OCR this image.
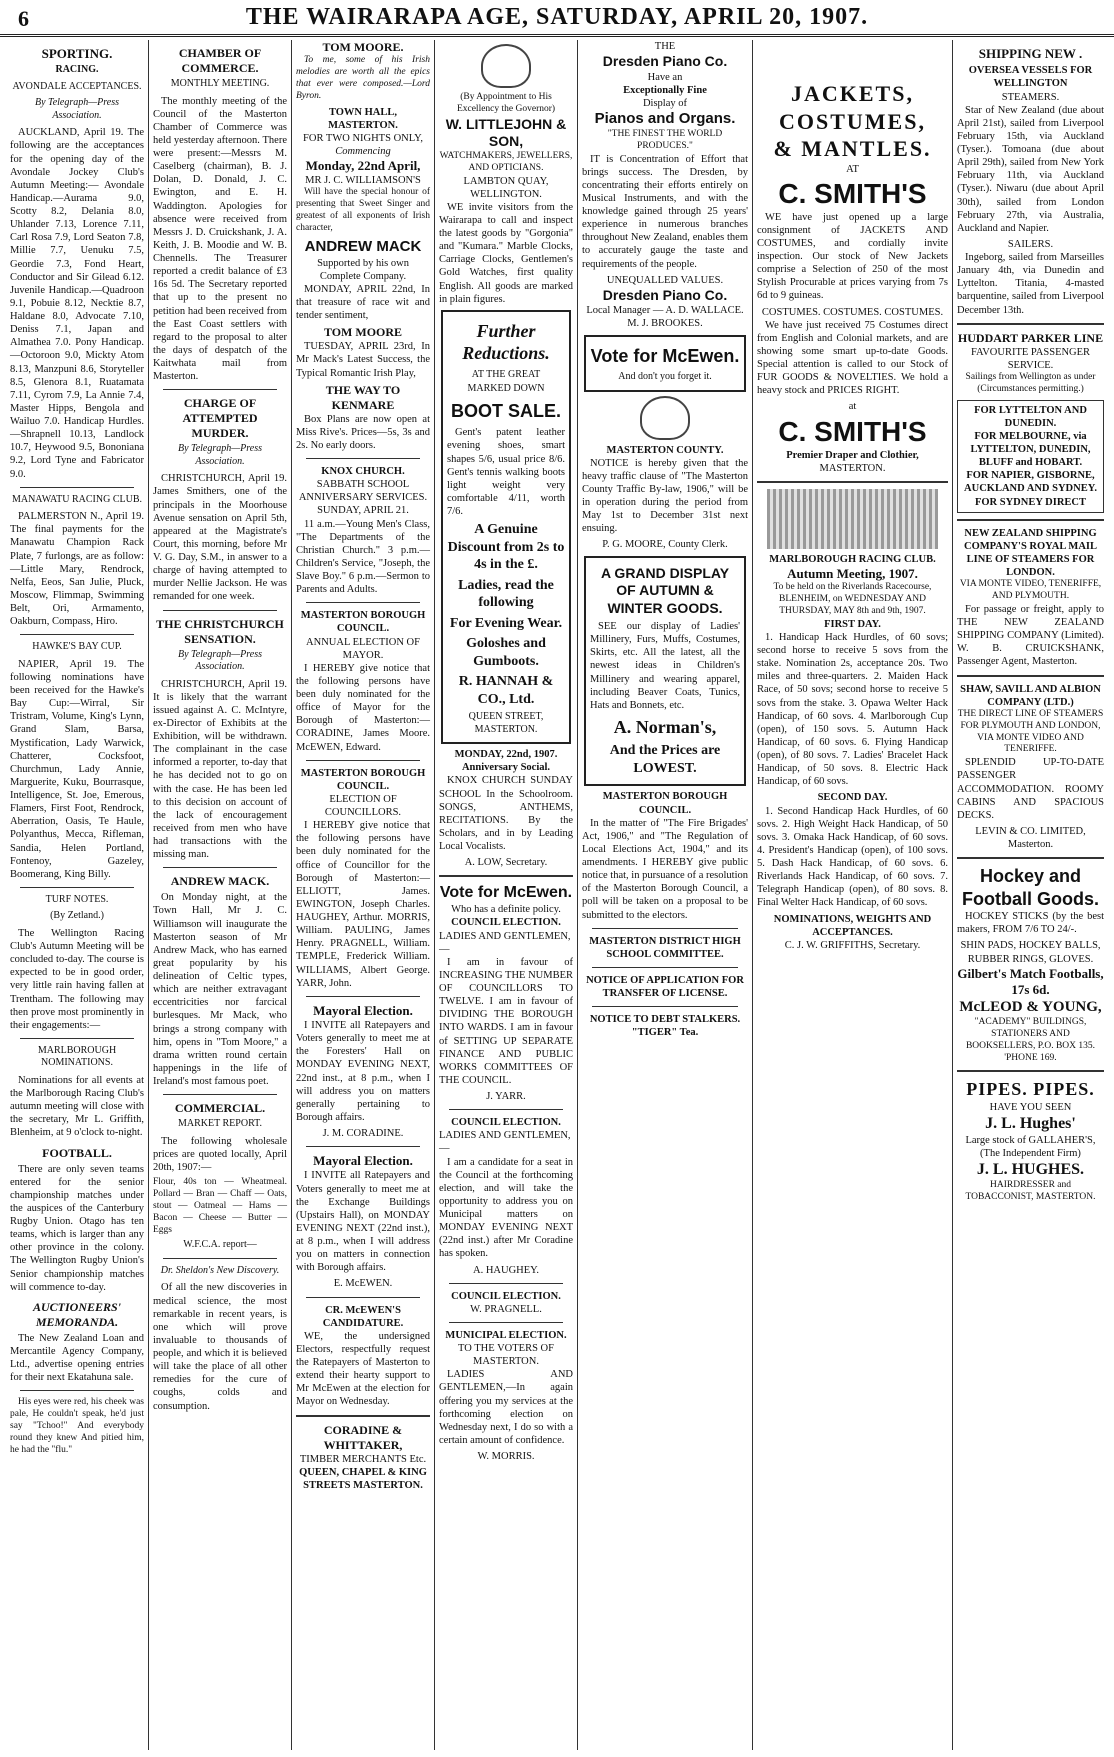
6	THE WAIRARAPA AGE, SATURDAY, APRIL 20, 1907.
SPORTING.
RACING.
AVONDALE ACCEPTANCES.
By Telegraph—Press Association.

AUCKLAND, April 19. The following are the acceptances for the opening day of the Avondale Jockey Club's Autumn Meeting:— Avondale Handicap.—Aurama 9.0, Scotty 8.2, Delania 8.0, Uhlander 7.13, Lorence 7.11, Carl Rosa 7.9, Lord Seaton 7.8, Millie 7.7, Uenuku 7.5, Geordie 7.3, Fond Heart, Conductor and Sir Gilead 6.12. Juvenile Handicap.—Quadroon 9.1, Pobuie 8.12, Necktie 8.7, Haldane 8.0, Advocate 7.10, Deniss 7.1, Japan and Almathea 7.0. Pony Handicap.—Octoroon 9.0, Mickty Atom 8.13, Manzpuni 8.6, Storyteller 8.5, Glenora 8.1, Ruatamata 7.11, Cyrom 7.9, La Annie 7.4, Master Hipps, Bengola and Wailuo 7.0. Handicap Hurdles.—Shrapnell 10.13, Landlock 10.7, Heywood 9.5, Bononiana 9.2, Lord Tyne and Fabricator 9.0.

MANAWATU RACING CLUB.

PALMERSTON N., April 19. The final payments for the Manawatu Champion Rack Plate, 7 furlongs, are as follow:—Little Mary, Rendrock, Nelfa, Eeos, San Julie, Pluck, Moscow, Flimmap, Swimming Belt, Ori, Armamento, Oakburn, Compass, Hiro.

HAWKE'S BAY CUP.

NAPIER, April 19. The following nominations have been received for the Hawke's Bay Cup:—Wirral, Sir Tristram, Volume, King's Lynn, Grand Slam, Barsa, Mystification, Lady Warwick, Chatterer, Cocksfoot, Churchmun, Lady Annie, Marguerite, Kuku, Bourrasque, Intelligence, St. Joe, Emerous, Flamers, First Foot, Rendrock, Aberration, Oasis, Te Haule, Polyanthus, Mecca, Rifleman, Sandia, Helen Portland, Fontenoy, Gazeley, Boomerang, King Billy.

TURF NOTES.
(By Zetland.)

The Wellington Racing Club's Autumn Meeting will be concluded to-day. The course is expected to be in good order, very little rain having fallen at Trentham. The following may then prove most prominently in their engagements:—

MARLBOROUGH NOMINATIONS.

Nominations for all events at the Marlborough Racing Club's autumn meeting will close with the secretary, Mr L. Griffith, Blenheim, at 9 o'clock to-night.

FOOTBALL.

There are only seven teams entered for the senior championship matches under the auspices of the Canterbury Rugby Union. Otago has ten teams, which is larger than any other province in the colony. The Wellington Rugby Union's Senior championship matches will commence to-day.

AUCTIONEERS' MEMORANDA.

The New Zealand Loan and Mercantile Agency Company, Ltd., advertise opening entries for their next Ekatahuna sale.

His eyes were red, his cheek was pale, He couldn't speak, he'd just say "Tchoo!" And everybody round they knew And pitied him, he had the "flu."

CHAMBER OF COMMERCE.
MONTHLY MEETING.

The monthly meeting of the Council of the Masterton Chamber of Commerce was held yesterday afternoon. There were present:—Messrs M. Caselberg (chairman), B. J. Dolan, D. Donald, J. C. Ewington, and E. H. Waddington. Apologies for absence were received from Messrs J. D. Cruickshank, J. A. Keith, J. B. Moodie and W. B. Chennells. The Treasurer reported a credit balance of £3 16s 5d. The Secretary reported that up to the present no petition had been received from the East Coast settlers with regard to the proposal to alter the days of despatch of the Kaitwhata mail from Masterton.

CHARGE OF ATTEMPTED MURDER.
By Telegraph—Press Association.

CHRISTCHURCH, April 19. James Smithers, one of the principals in the Moorhouse Avenue sensation on April 5th, appeared at the Magistrate's Court, this morning, before Mr V. G. Day, S.M., in answer to a charge of having attempted to murder Nellie Jackson. He was remanded for one week.

THE CHRISTCHURCH SENSATION.
By Telegraph—Press Association.

CHRISTCHURCH, April 19. It is likely that the warrant issued against A. C. McIntyre, ex-Director of Exhibits at the Exhibition, will be withdrawn. The complainant in the case informed a reporter, to-day that he has decided not to go on with the case. He has been led to this decision on account of the lack of encouragement received from men who have had transactions with the missing man.

ANDREW MACK.

On Monday night, at the Town Hall, Mr J. C. Williamson will inaugurate the Masterton season of Mr Andrew Mack, who has earned great popularity by his delineation of Celtic types, which are neither extravagant eccentricities nor farcical burlesques. Mr Mack, who brings a strong company with him, opens in "Tom Moore," a drama written round certain happenings in the life of Ireland's most famous poet.

COMMERCIAL.
MARKET REPORT.

The following wholesale prices are quoted locally, April 20th, 1907:—

Flour, 40s ton — Wheatmeal. Pollard — Bran — Chaff — Oats, stout — Oatmeal — Hams — Bacon — Cheese — Butter — Eggs

W.F.C.A. report—
Dr. Sheldon's New Discovery.

Of all the new discoveries in medical science, the most remarkable in recent years, is one which will prove invaluable to thousands of people, and which it is believed will take the place of all other remedies for the cure of coughs, colds and consumption.

TOM MOORE.

To me, some of his Irish melodies are worth all the epics that ever were composed.—Lord Byron.

TOWN HALL, MASTERTON.
FOR TWO NIGHTS ONLY,
Commencing
Monday, 22nd April,
MR J. C. WILLIAMSON'S

Will have the special honour of presenting that Sweet Singer and greatest of all exponents of Irish character,

ANDREW MACK
Supported by his own Complete Company.

MONDAY, APRIL 22nd, In that treasure of race wit and tender sentiment,

TOM MOORE

TUESDAY, APRIL 23rd, In Mr Mack's Latest Success, the Typical Romantic Irish Play,

THE WAY TO KENMARE

Box Plans are now open at Miss Rive's. Prices—5s, 3s and 2s. No early doors.

KNOX CHURCH.
SABBATH SCHOOL ANNIVERSARY SERVICES. SUNDAY, APRIL 21.

11 a.m.—Young Men's Class, "The Departments of the Christian Church." 3 p.m.—Children's Service, "Joseph, the Slave Boy." 6 p.m.—Sermon to Parents and Adults.

MASTERTON BOROUGH COUNCIL.
ANNUAL ELECTION OF MAYOR.

I HEREBY give notice that the following persons have been duly nominated for the office of Mayor for the Borough of Masterton:— CORADINE, James Moore. McEWEN, Edward.

MASTERTON BOROUGH COUNCIL.
ELECTION OF COUNCILLORS.

I HEREBY give notice that the following persons have been duly nominated for the office of Councillor for the Borough of Masterton:— ELLIOTT, James. EWINGTON, Joseph Charles. HAUGHEY, Arthur. MORRIS, William. PAULING, James Henry. PRAGNELL, William. TEMPLE, Frederick William. WILLIAMS, Albert George. YARR, John.

Mayoral Election.

I INVITE all Ratepayers and Voters generally to meet me at the Foresters' Hall on MONDAY EVENING NEXT, 22nd inst., at 8 p.m., when I will address you on matters generally pertaining to Borough affairs.

J. M. CORADINE.
Mayoral Election.

I INVITE all Ratepayers and Voters generally to meet me at the Exchange Buildings (Upstairs Hall), on MONDAY EVENING NEXT (22nd inst.), at 8 p.m., when I will address you on matters in connection with Borough affairs.

E. McEWEN.
CR. McEWEN'S CANDIDATURE.

WE, the undersigned Electors, respectfully request the Ratepayers of Masterton to extend their hearty support to Mr McEwen at the election for Mayor on Wednesday.

CORADINE & WHITTAKER,
TIMBER MERCHANTS Etc.
QUEEN, CHAPEL & KING STREETS MASTERTON.
(By Appointment to His Excellency the Governor)
W. LITTLEJOHN & SON,
WATCHMAKERS, JEWELLERS, AND OPTICIANS.
LAMBTON QUAY, WELLINGTON.

WE invite visitors from the Wairarapa to call and inspect the latest goods by "Gorgonia" and "Kumara." Marble Clocks, Carriage Clocks, Gentlemen's Gold Watches, first quality English. All goods are marked in plain figures.

Further Reductions.
AT THE GREAT
MARKED DOWN
BOOT SALE.

Gent's patent leather evening shoes, smart shapes 5/6, usual price 8/6. Gent's tennis walking boots light weight very comfortable 4/11, worth 7/6.

A Genuine Discount from 2s to 4s in the £.
Ladies, read the following
For Evening Wear.
Goloshes and Gumboots.
R. HANNAH & CO., Ltd.
QUEEN STREET, MASTERTON.
MONDAY, 22nd, 1907. Anniversary Social.

KNOX CHURCH SUNDAY SCHOOL In the Schoolroom. SONGS, ANTHEMS, RECITATIONS. By the Scholars, and in by Leading Local Vocalists.

A. LOW, Secretary.
Vote for McEwen.
Who has a definite policy.
COUNCIL ELECTION.
LADIES AND GENTLEMEN,—

I am in favour of INCREASING THE NUMBER OF COUNCILLORS TO TWELVE. I am in favour of DIVIDING THE BOROUGH INTO WARDS. I am in favour of SETTING UP SEPARATE FINANCE AND PUBLIC WORKS COMMITTEES OF THE COUNCIL.

J. YARR.
COUNCIL ELECTION.
LADIES AND GENTLEMEN,—

I am a candidate for a seat in the Council at the forthcoming election, and will take the opportunity to address you on Municipal matters on MONDAY EVENING NEXT (22nd inst.) after Mr Coradine has spoken.

A. HAUGHEY.
COUNCIL ELECTION.
W. PRAGNELL.
MUNICIPAL ELECTION.
TO THE VOTERS OF MASTERTON.

LADIES AND GENTLEMEN,—In again offering you my services at the forthcoming election on Wednesday next, I do so with a certain amount of confidence.

W. MORRIS.
THE
Dresden Piano Co.
Have an
Exceptionally Fine
Display of
Pianos and Organs.
"THE FINEST THE WORLD PRODUCES."

IT is Concentration of Effort that brings success. The Dresden, by concentrating their efforts entirely on Musical Instruments, and with the knowledge gained through 25 years' experience in numerous branches throughout New Zealand, enables them to accurately gauge the taste and requirements of the people.

UNEQUALLED VALUES.
Dresden Piano Co.
Local Manager — A. D. WALLACE.
M. J. BROOKES.
Vote for McEwen.
And don't you forget it.
MASTERTON COUNTY.

NOTICE is hereby given that the heavy traffic clause of "The Masterton County Traffic By-law, 1906," will be in operation during the period from May 1st to December 31st next ensuing.

P. G. MOORE, County Clerk.
A GRAND DISPLAY OF AUTUMN & WINTER GOODS.

SEE our display of Ladies' Millinery, Furs, Muffs, Costumes, Skirts, etc. All the latest, all the newest ideas in Children's Millinery and wearing apparel, including Beaver Coats, Tunics, Hats and Bonnets, etc.

A. Norman's,
And the Prices are LOWEST.
MASTERTON BOROUGH COUNCIL.

In the matter of "The Fire Brigades' Act, 1906," and "The Regulation of Local Elections Act, 1904," and its amendments. I HEREBY give public notice that, in pursuance of a resolution of the Masterton Borough Council, a poll will be taken on a proposal to be submitted to the electors.

MASTERTON DISTRICT HIGH SCHOOL COMMITTEE.
NOTICE OF APPLICATION FOR TRANSFER OF LICENSE.
NOTICE TO DEBT STALKERS.
"TIGER" Tea.
JACKETS,
COSTUMES,
& MANTLES.
AT
C. SMITH'S

WE have just opened up a large consignment of JACKETS AND COSTUMES, and cordially invite inspection. Our stock of New Jackets comprise a Selection of 250 of the most Stylish Procurable at prices varying from 7s 6d to 9 guineas.

COSTUMES. COSTUMES. COSTUMES.

We have just received 75 Costumes direct from English and Colonial markets, and are showing some smart up-to-date Goods. Special attention is called to our Stock of FUR GOODS & NOVELTIES. We hold a heavy stock and PRICES RIGHT.

at
C. SMITH'S
Premier Draper and Clothier,
MASTERTON.
MARLBOROUGH RACING CLUB.
Autumn Meeting, 1907.
To be held on the Riverlands Racecourse, BLENHEIM, on WEDNESDAY AND THURSDAY, MAY 8th and 9th, 1907.
FIRST DAY.

1. Handicap Hack Hurdles, of 60 sovs; second horse to receive 5 sovs from the stake. Nomination 2s, acceptance 20s. Two miles and three-quarters. 2. Maiden Hack Race, of 50 sovs; second horse to receive 5 sovs from the stake. 3. Opawa Welter Hack Handicap, of 60 sovs. 4. Marlborough Cup (open), of 150 sovs. 5. Autumn Hack Handicap, of 60 sovs. 6. Flying Handicap (open), of 80 sovs. 7. Ladies' Bracelet Hack Handicap, of 50 sovs. 8. Electric Hack Handicap, of 60 sovs.

SECOND DAY.

1. Second Handicap Hack Hurdles, of 60 sovs. 2. High Weight Hack Handicap, of 50 sovs. 3. Omaka Hack Handicap, of 60 sovs. 4. President's Handicap (open), of 100 sovs. 5. Dash Hack Handicap, of 60 sovs. 6. Riverlands Hack Handicap, of 60 sovs. 7. Telegraph Handicap (open), of 80 sovs. 8. Final Welter Hack Handicap, of 60 sovs.

NOMINATIONS, WEIGHTS AND ACCEPTANCES.
C. J. W. GRIFFITHS, Secretary.
SHIPPING NEW .
OVERSEA VESSELS FOR WELLINGTON
STEAMERS.

Star of New Zealand (due about April 21st), sailed from Liverpool February 15th, via Auckland (Tyser.). Tomoana (due about April 29th), sailed from New York February 11th, via Auckland (Tyser.). Niwaru (due about April 30th), sailed from London February 27th, via Australia, Auckland and Napier.

SAILERS.

Ingeborg, sailed from Marseilles January 4th, via Dunedin and Lyttelton. Titania, 4-masted barquentine, sailed from Liverpool December 13th.

HUDDART PARKER LINE
FAVOURITE PASSENGER SERVICE.
Sailings from Wellington as under (Circumstances permitting.)
FOR LYTTELTON AND DUNEDIN.
FOR MELBOURNE, via LYTTELTON, DUNEDIN, BLUFF and HOBART.
FOR NAPIER, GISBORNE, AUCKLAND AND SYDNEY.
FOR SYDNEY DIRECT
NEW ZEALAND SHIPPING COMPANY'S ROYAL MAIL LINE OF STEAMERS FOR LONDON.
VIA MONTE VIDEO, TENERIFFE, AND PLYMOUTH.

For passage or freight, apply to THE NEW ZEALAND SHIPPING COMPANY (Limited). W. B. CRUICKSHANK, Passenger Agent, Masterton.

SHAW, SAVILL AND ALBION COMPANY (LTD.)
THE DIRECT LINE OF STEAMERS FOR PLYMOUTH AND LONDON, VIA MONTE VIDEO AND TENERIFFE.

SPLENDID UP-TO-DATE PASSENGER ACCOMMODATION. ROOMY CABINS AND SPACIOUS DECKS.

LEVIN & CO. LIMITED, Masterton.
Hockey and Football Goods.

HOCKEY STICKS (by the best makers, FROM 7/6 TO 24/-.

SHIN PADS, HOCKEY BALLS, RUBBER RINGS, GLOVES.
Gilbert's Match Footballs, 17s 6d.
McLEOD & YOUNG,
"ACADEMY" BUILDINGS, STATIONERS AND BOOKSELLERS, P.O. BOX 135. 'PHONE 169.
PIPES. PIPES.
HAVE YOU SEEN
J. L. Hughes'
Large stock of GALLAHER'S, (The Independent Firm)
J. L. HUGHES.
HAIRDRESSER and TOBACCONIST, MASTERTON.
